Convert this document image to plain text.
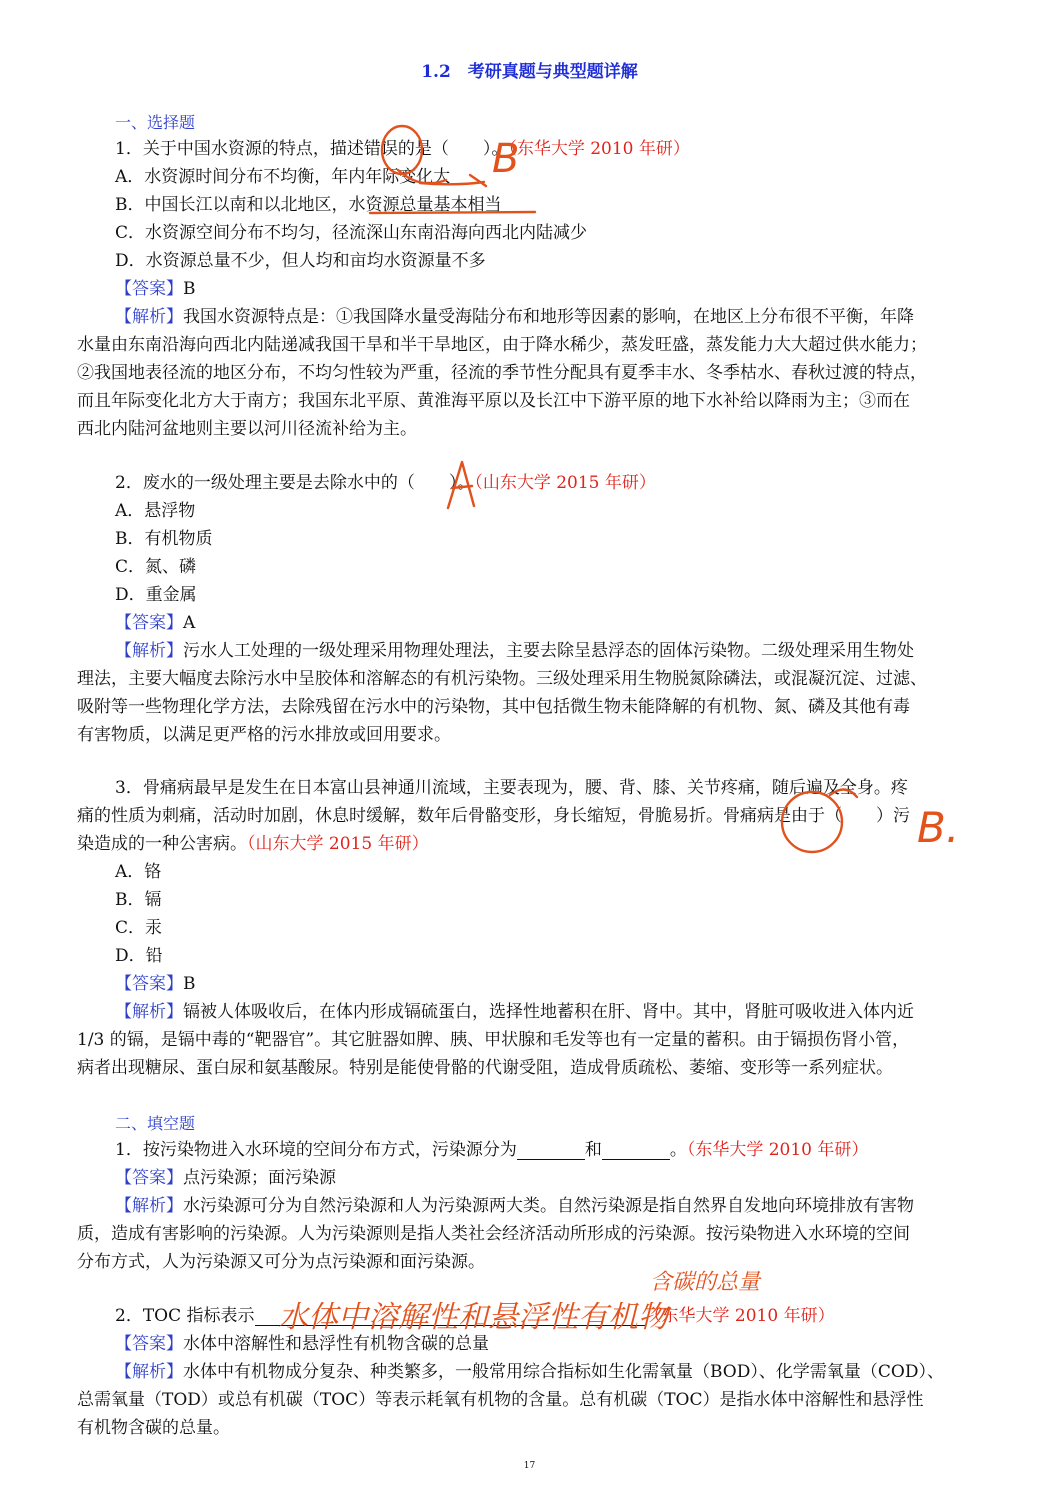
1.2　考研真题与典型题详解
一、选择题
1．关于中国水资源的特点，描述错误的是（　　）。（东华大学 2010 年研）
A．水资源时间分布不均衡，年内年际变化大
B．中国长江以南和以北地区，水资源总量基本相当
C．水资源空间分布不均匀，径流深山东南沿海向西北内陆减少
D．水资源总量不少，但人均和亩均水资源量不多
【答案】B
【解析】我国水资源特点是：①我国降水量受海陆分布和地形等因素的影响，在地区上分布很不平衡，年降
水量由东南沿海向西北内陆递减我国干旱和半干旱地区，由于降水稀少，蒸发旺盛，蒸发能力大大超过供水能力；
②我国地表径流的地区分布，不均匀性较为严重，径流的季节性分配具有夏季丰水、冬季枯水、春秋过渡的特点，
而且年际变化北方大于南方；我国东北平原、黄淮海平原以及长江中下游平原的地下水补给以降雨为主；③而在
西北内陆河盆地则主要以河川径流补给为主。
2．废水的一级处理主要是去除水中的（　　）。（山东大学 2015 年研）
A．悬浮物
B．有机物质
C．氮、磷
D．重金属
【答案】A
【解析】污水人工处理的一级处理采用物理处理法，主要去除呈悬浮态的固体污染物。二级处理采用生物处
理法，主要大幅度去除污水中呈胶体和溶解态的有机污染物。三级处理采用生物脱氮除磷法，或混凝沉淀、过滤、
吸附等一些物理化学方法，去除残留在污水中的污染物，其中包括微生物未能降解的有机物、氮、磷及其他有毒
有害物质，以满足更严格的污水排放或回用要求。
3．骨痛病最早是发生在日本富山县神通川流域，主要表现为，腰、背、膝、关节疼痛，随后遍及全身。疼
痛的性质为刺痛，活动时加剧，休息时缓解，数年后骨骼变形，身长缩短，骨脆易折。骨痛病是由于（　　）污
染造成的一种公害病。（山东大学 2015 年研）
A．铬
B．镉
C．汞
D．铅
【答案】B
【解析】镉被人体吸收后，在体内形成镉硫蛋白，选择性地蓄积在肝、肾中。其中，肾脏可吸收进入体内近
1/3 的镉，是镉中毒的“靶器官”。其它脏器如脾、胰、甲状腺和毛发等也有一定量的蓄积。由于镉损伤肾小管，
病者出现糖尿、蛋白尿和氨基酸尿。特别是能使骨骼的代谢受阻，造成骨质疏松、萎缩、变形等一系列症状。
二、填空题
1．按污染物进入水环境的空间分布方式，污染源分为	和	。（东华大学 2010 年研）
【答案】点污染源；面污染源
【解析】水污染源可分为自然污染源和人为污染源两大类。自然污染源是指自然界自发地向环境排放有害物
质，造成有害影响的污染源。人为污染源则是指人类社会经济活动所形成的污染源。按污染物进入水环境的空间
分布方式，人为污染源又可分为点污染源和面污染源。
2．TOC 指标表示	（东华大学 2010 年研）
【答案】水体中溶解性和悬浮性有机物含碳的总量
【解析】水体中有机物成分复杂、种类繁多，一般常用综合指标如生化需氧量（BOD）、化学需氧量（COD）、
总需氧量（TOD）或总有机碳（TOC）等表示耗氧有机物的含量。总有机碳（TOC）是指水体中溶解性和悬浮性
有机物含碳的总量。
17
B
B.
水体中溶解性和悬浮性有机物
含碳的总量
